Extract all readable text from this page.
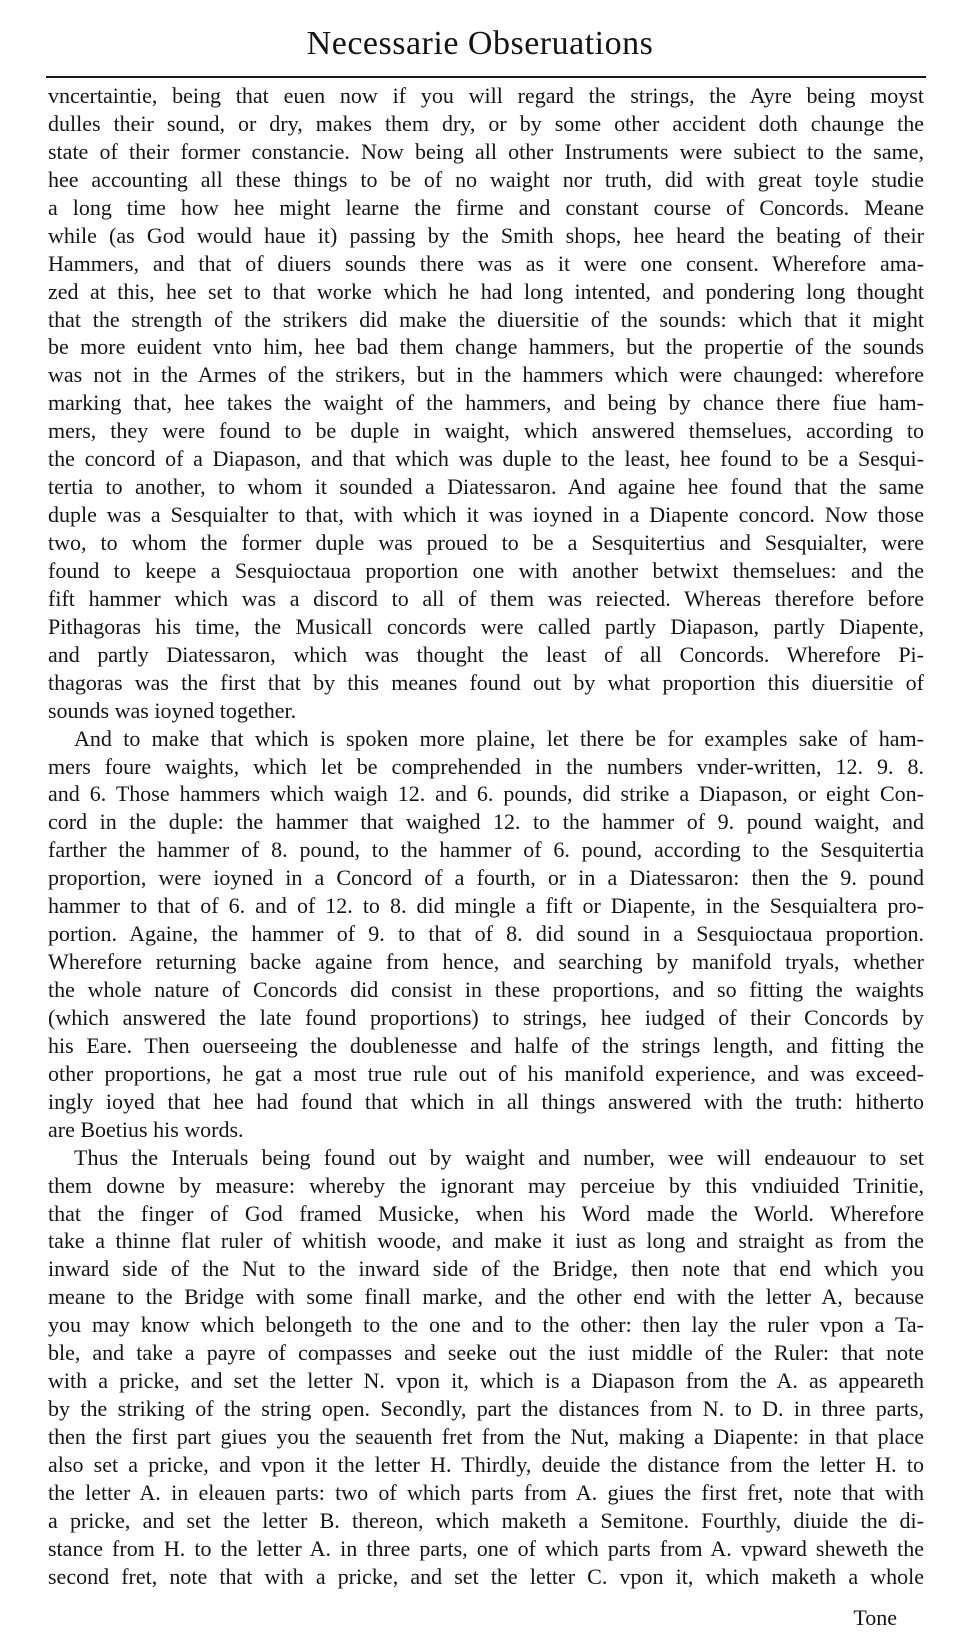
Necessarie Obseruations
vncertaintie, being that euen now if you will regard the strings, the Ayre being moyst
dulles their sound, or dry, makes them dry, or by some other accident doth chaunge the
state of their former constancie. Now being all other Instruments were subiect to the same,
hee accounting all these things to be of no waight nor truth, did with great toyle studie
a long time how hee might learne the firme and constant course of Concords. Meane
while (as God would haue it) passing by the Smith shops, hee heard the beating of their
Hammers, and that of diuers sounds there was as it were one consent. Wherefore ama-
zed at this, hee set to that worke which he had long intented, and pondering long thought
that the strength of the strikers did make the diuersitie of the sounds: which that it might
be more euident vnto him, hee bad them change hammers, but the propertie of the sounds
was not in the Armes of the strikers, but in the hammers which were chaunged: wherefore
marking that, hee takes the waight of the hammers, and being by chance there fiue ham-
mers, they were found to be duple in waight, which answered themselues, according to
the concord of a Diapason, and that which was duple to the least, hee found to be a Sesqui-
tertia to another, to whom it sounded a Diatessaron. And againe hee found that the same
duple was a Sesquialter to that, with which it was ioyned in a Diapente concord. Now those
two, to whom the former duple was proued to be a Sesquitertius and Sesquialter, were
found to keepe a Sesquioctaua proportion one with another betwixt themselues: and the
fift hammer which was a discord to all of them was reiected. Whereas therefore before
Pithagoras his time, the Musicall concords were called partly Diapason, partly Diapente,
and partly Diatessaron, which was thought the least of all Concords. Wherefore Pi-
thagoras was the first that by this meanes found out by what proportion this diuersitie of
sounds was ioyned together.
And to make that which is spoken more plaine, let there be for examples sake of ham-
mers foure waights, which let be comprehended in the numbers vnder-written, 12. 9. 8.
and 6. Those hammers which waigh 12. and 6. pounds, did strike a Diapason, or eight Con-
cord in the duple: the hammer that waighed 12. to the hammer of 9. pound waight, and
farther the hammer of 8. pound, to the hammer of 6. pound, according to the Sesquitertia
proportion, were ioyned in a Concord of a fourth, or in a Diatessaron: then the 9. pound
hammer to that of 6. and of 12. to 8. did mingle a fift or Diapente, in the Sesquialtera pro-
portion. Againe, the hammer of 9. to that of 8. did sound in a Sesquioctaua proportion.
Wherefore returning backe againe from hence, and searching by manifold tryals, whether
the whole nature of Concords did consist in these proportions, and so fitting the waights
(which answered the late found proportions) to strings, hee iudged of their Concords by
his Eare. Then ouerseeing the doublenesse and halfe of the strings length, and fitting the
other proportions, he gat a most true rule out of his manifold experience, and was exceed-
ingly ioyed that hee had found that which in all things answered with the truth: hitherto
are Boetius his words.
Thus the Interuals being found out by waight and number, wee will endeauour to set
them downe by measure: whereby the ignorant may perceiue by this vndiuided Trinitie,
that the finger of God framed Musicke, when his Word made the World. Wherefore
take a thinne flat ruler of whitish woode, and make it iust as long and straight as from the
inward side of the Nut to the inward side of the Bridge, then note that end which you
meane to the Bridge with some finall marke, and the other end with the letter A, because
you may know which belongeth to the one and to the other: then lay the ruler vpon a Ta-
ble, and take a payre of compasses and seeke out the iust middle of the Ruler: that note
with a pricke, and set the letter N. vpon it, which is a Diapason from the A. as appeareth
by the striking of the string open. Secondly, part the distances from N. to D. in three parts,
then the first part giues you the seauenth fret from the Nut, making a Diapente: in that place
also set a pricke, and vpon it the letter H. Thirdly, deuide the distance from the letter H. to
the letter A. in eleauen parts: two of which parts from A. giues the first fret, note that with
a pricke, and set the letter B. thereon, which maketh a Semitone. Fourthly, diuide the di-
stance from H. to the letter A. in three parts, one of which parts from A. vpward sheweth the
second fret, note that with a pricke, and set the letter C. vpon it, which maketh a whole
Tone
